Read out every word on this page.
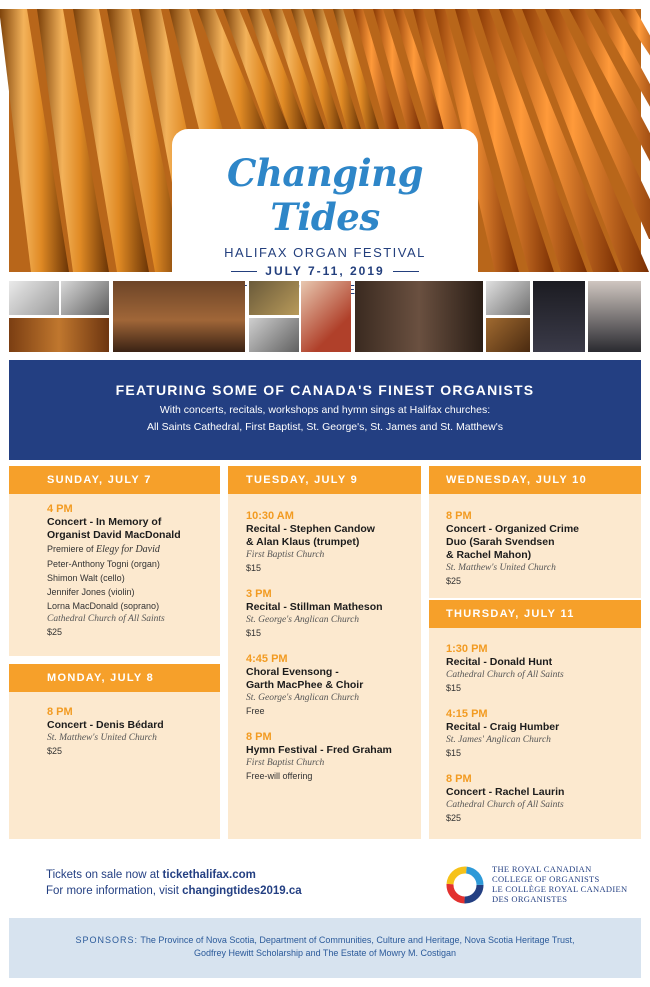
Changing Tides
HALIFAX ORGAN FESTIVAL
JULY 7-11, 2019
FESTIVAL
FEATURING SOME OF CANADA'S FINEST ORGANISTS
With concerts, recitals, workshops and hymn sings at Halifax churches:
All Saints Cathedral, First Baptist, St. George's, St. James and St. Matthew's
SUNDAY, JULY 7
4 PM
Concert - In Memory of
Organist David MacDonald
Premiere of Elegy for David
Peter-Anthony Togni (organ)
Shimon Walt (cello)
Jennifer Jones (violin)
Lorna MacDonald (soprano)
Cathedral Church of All Saints
$25
MONDAY, JULY 8
8 PM
Concert - Denis Bédard
St. Matthew's United Church
$25
TUESDAY, JULY 9
10:30 AM
Recital - Stephen Candow
& Alan Klaus (trumpet)
First Baptist Church
$15
3 PM
Recital - Stillman Matheson
St. George's Anglican Church
$15
4:45 PM
Choral Evensong -
Garth MacPhee & Choir
St. George's Anglican Church
Free
8 PM
Hymn Festival - Fred Graham
First Baptist Church
Free-will offering
WEDNESDAY, JULY 10
8 PM
Concert - Organized Crime
Duo (Sarah Svendsen
& Rachel Mahon)
St. Matthew's United Church
$25
THURSDAY, JULY 11
1:30 PM
Recital - Donald Hunt
Cathedral Church of All Saints
$15
4:15 PM
Recital - Craig Humber
St. James' Anglican Church
$15
8 PM
Concert - Rachel Laurin
Cathedral Church of All Saints
$25
Tickets on sale now at tickethalifax.com
For more information, visit changingtides2019.ca
THE ROYAL CANADIAN
COLLEGE OF ORGANISTS
LE COLLÈGE ROYAL CANADIEN
DES ORGANISTES
SPONSORS: The Province of Nova Scotia, Department of Communities, Culture and Heritage, Nova Scotia Heritage Trust,
Godfrey Hewitt Scholarship and The Estate of Mowry M. Costigan
